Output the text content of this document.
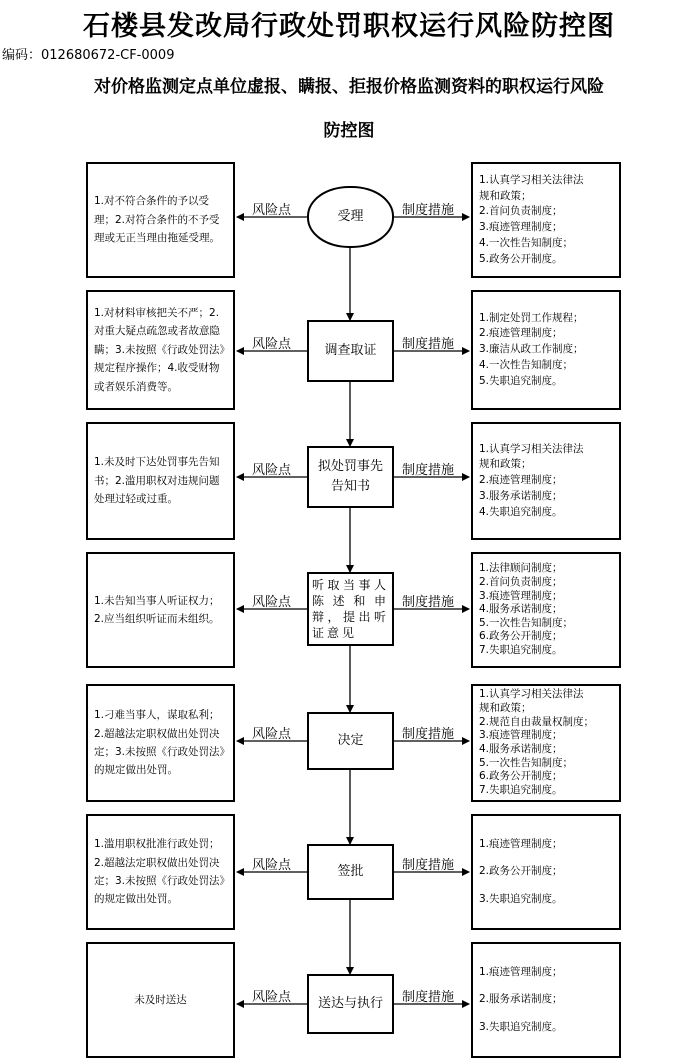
石楼县发改局行政处罚职权运行风险防控图
编码：012680672-CF-0009
对价格监测定点单位虚报、瞒报、拒报价格监测资料的职权运行风险
防控图
1.对不符合条件的予以受理；2.对符合条件的不予受理或无正当理由拖延受理。
受理
1.认真学习相关法律法
规和政策；
2.首问负责制度；
3.痕迹管理制度；
4.一次性告知制度；
5.政务公开制度。
风险点	制度措施
1.对材料审核把关不严；2.对重大疑点疏忽或者故意隐瞒；3.未按照《行政处罚法》规定程序操作；4.收受财物或者娱乐消费等。
调查取证
1.制定处罚工作规程；
2.痕迹管理制度；
3.廉洁从政工作制度；
4.一次性告知制度；
5.失职追究制度。
风险点	制度措施
1.未及时下达处罚事先告知书；2.滥用职权对违规问题处理过轻或过重。
拟处罚事先告知书
1.认真学习相关法律法
规和政策；
2.痕迹管理制度；
3.服务承诺制度；
4.失职追究制度。
风险点	制度措施
1.未告知当事人听证权力；2.应当组织听证而未组织。
听取当事人陈述和申辩，提出听证意见
1.法律顾问制度；
2.首问负责制度；
3.痕迹管理制度；
4.服务承诺制度；
5.一次性告知制度；
6.政务公开制度；
7.失职追究制度。
风险点	制度措施
1.刁难当事人，谋取私利；2.超越法定职权做出处罚决定；3.未按照《行政处罚法》的规定做出处罚。
决定
1.认真学习相关法律法
规和政策；
2.规范自由裁量权制度；
3.痕迹管理制度；
4.服务承诺制度；
5.一次性告知制度；
6.政务公开制度；
7.失职追究制度。
风险点	制度措施
1.滥用职权批准行政处罚；2.超越法定职权做出处罚决定；3.未按照《行政处罚法》的规定做出处罚。
签批
1.痕迹管理制度；
2.政务公开制度；
3.失职追究制度。
风险点	制度措施
未及时送达	送达与执行
1.痕迹管理制度；
2.服务承诺制度；
3.失职追究制度。
风险点	制度措施
